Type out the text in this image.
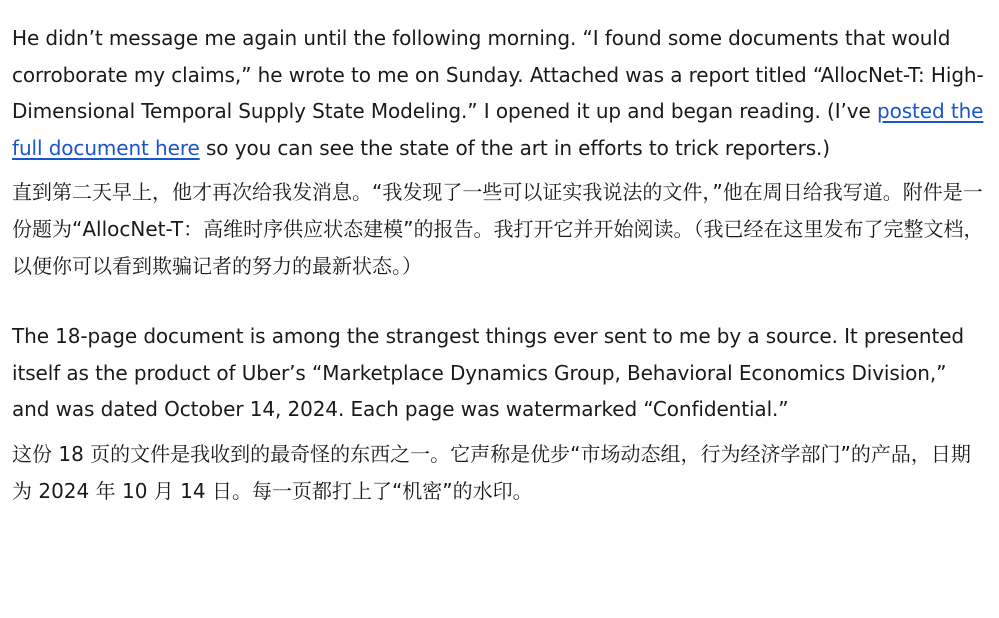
He didn’t message me again until the following morning. “I found some documents that would corroborate my claims,” he wrote to me on Sunday. Attached was a report titled “AllocNet-T: High-Dimensional Temporal Supply State Modeling.” I opened it up and began reading. (I’ve posted the full document here so you can see the state of the art in efforts to trick reporters.)

直到第二天早上，他才再次给我发消息。“我发现了一些可以证实我说法的文件，”他在周日给我写道。附件是一份题为“AllocNet-T：高维时序供应状态建模”的报告。我打开它并开始阅读。（我已经在这里发布了完整文档，以便你可以看到欺骗记者的努力的最新状态。）

The 18-page document is among the strangest things ever sent to me by a source. It presented itself as the product of Uber’s “Marketplace Dynamics Group, Behavioral Economics Division,” and was dated October 14, 2024. Each page was watermarked “Confidential.”

这份 18 页的文件是我收到的最奇怪的东西之一。它声称是优步“市场动态组，行为经济学部门”的产品，日期为 2024 年 10 月 14 日。每一页都打上了“机密”的水印。
